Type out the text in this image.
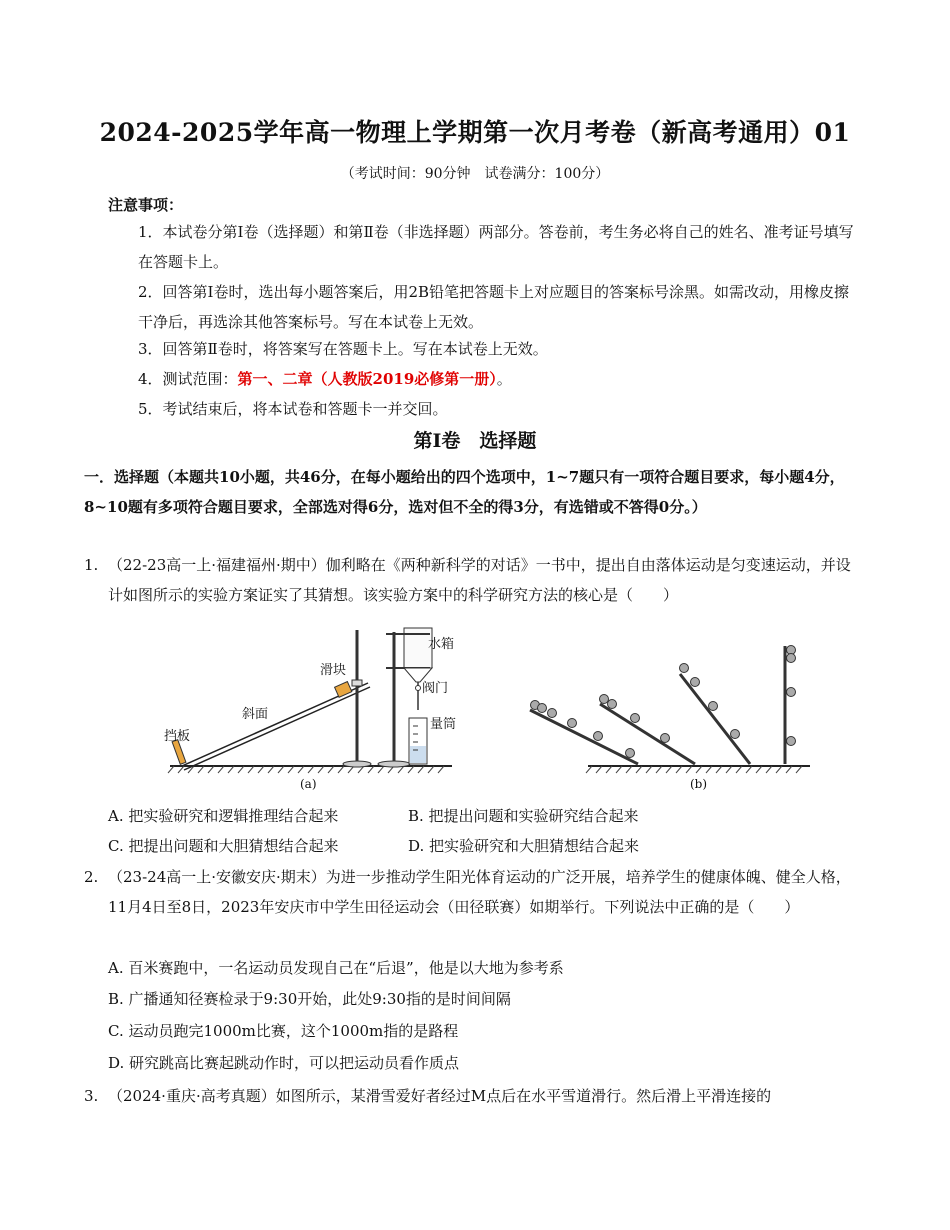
2024-2025学年高一物理上学期第一次月考卷（新高考通用）01
（考试时间：90分钟　试卷满分：100分）
注意事项：
1．本试卷分第Ⅰ卷（选择题）和第Ⅱ卷（非选择题）两部分。答卷前，考生务必将自己的姓名、准考证号填写在答题卡上。
2．回答第Ⅰ卷时，选出每小题答案后，用2B铅笔把答题卡上对应题目的答案标号涂黑。如需改动，用橡皮擦干净后，再选涂其他答案标号。写在本试卷上无效。
3．回答第Ⅱ卷时，将答案写在答题卡上。写在本试卷上无效。
4．测试范围：第一、二章（人教版2019必修第一册）。
5．考试结束后，将本试卷和答题卡一并交回。
第Ⅰ卷　选择题
一．选择题（本题共10小题，共46分，在每小题给出的四个选项中，1~7题只有一项符合题目要求，每小题4分，8~10题有多项符合题目要求，全部选对得6分，选对但不全的得3分，有选错或不答得0分。）
1. （22-23高一上·福建福州·期中）伽利略在《两种新科学的对话》一书中，提出自由落体运动是匀变速运动，并设计如图所示的实验方案证实了其猜想。该实验方案中的科学研究方法的核心是（　　）
滑块
斜面
挡板
水箱
阀门
量筒
(a)	(b)
A. 把实验研究和逻辑推理结合起来	B. 把提出问题和实验研究结合起来
C. 把提出问题和大胆猜想结合起来	D. 把实验研究和大胆猜想结合起来
2. （23-24高一上·安徽安庆·期末）为进一步推动学生阳光体育运动的广泛开展，培养学生的健康体魄、健全人格，11月4日至8日，2023年安庆市中学生田径运动会（田径联赛）如期举行。下列说法中正确的是（　　）
A. 百米赛跑中，一名运动员发现自己在“后退”，他是以大地为参考系
B. 广播通知径赛检录于9:30开始，此处9:30指的是时间间隔
C. 运动员跑完1000m比赛，这个1000m指的是路程
D. 研究跳高比赛起跳动作时，可以把运动员看作质点
3. （2024·重庆·高考真题）如图所示，某滑雪爱好者经过M点后在水平雪道滑行。然后滑上平滑连接的
